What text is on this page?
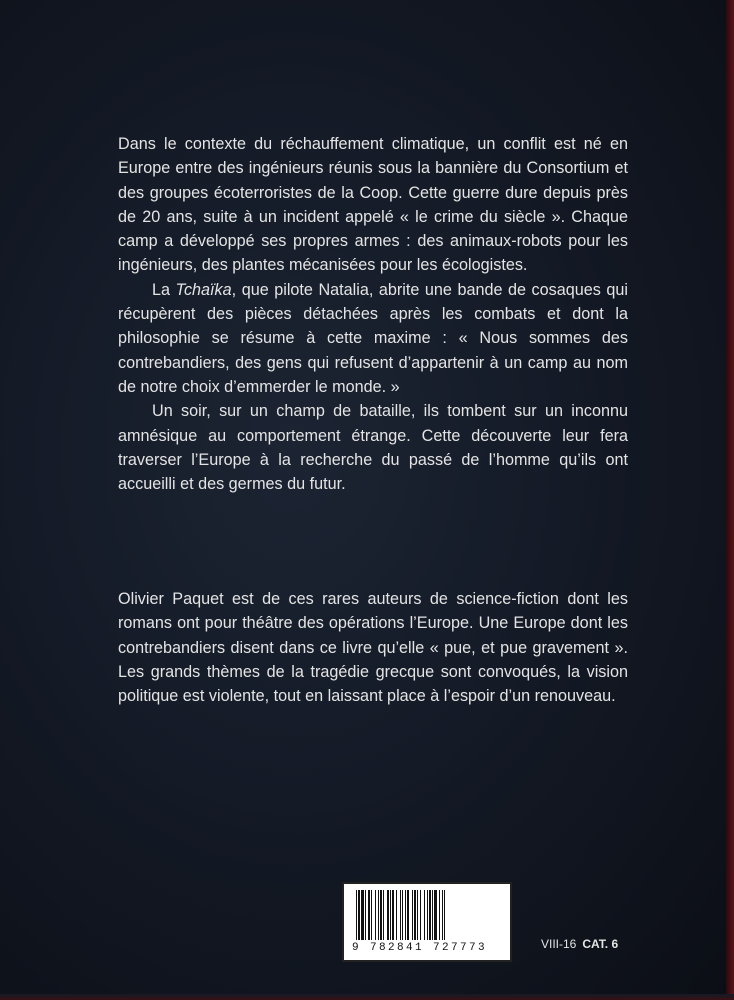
Dans le contexte du réchauffement climatique, un conflit est né en Europe entre des ingénieurs réunis sous la bannière du Consortium et des groupes écoterroristes de la Coop. Cette guerre dure depuis près de 20 ans, suite à un incident appelé « le crime du siècle ». Chaque camp a développé ses propres armes : des animaux-robots pour les ingénieurs, des plantes mécanisées pour les écologistes.

La Tchaïka, que pilote Natalia, abrite une bande de cosaques qui récupèrent des pièces détachées après les combats et dont la philosophie se résume à cette maxime : « Nous sommes des contrebandiers, des gens qui refusent d’appartenir à un camp au nom de notre choix d’emmerder le monde. »

Un soir, sur un champ de bataille, ils tombent sur un inconnu amnésique au comportement étrange. Cette découverte leur fera traverser l’Europe à la recherche du passé de l’homme qu’ils ont accueilli et des germes du futur.

Olivier Paquet est de ces rares auteurs de science-fiction dont les romans ont pour théâtre des opérations l’Europe. Une Europe dont les contrebandiers disent dans ce livre qu’elle « pue, et pue gravement ». Les grands thèmes de la tragédie grecque sont convoqués, la vision politique est violente, tout en laissant place à l’espoir d’un renouveau.

9 782841 727773	VIII-16 CAT. 6
